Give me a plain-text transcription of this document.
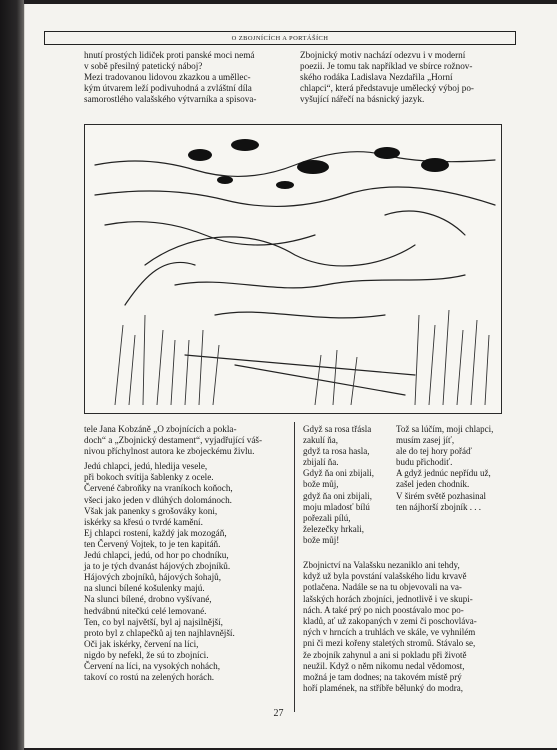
O ZBOJNÍCÍCH A PORTÁŠÍCH

hnutí prostých lidiček proti panské moci nemá

v sobě přesilný patetický náboj?

Mezi tradovanou lidovou zkazkou a uměllec-

kým útvarem leží podivuhodná a zvláštní díla

samorostlého valašského výtvarníka a spisova-

Zbojnický motiv nachází odezvu i v moderní

poezii. Je tomu tak například ve sbírce rožnov-

ského rodáka Ladislava Nezdařila „Horní

chlapci“, která představuje umělecký výboj po-

vyšující nářečí na básnický jazyk.

tele Jana Kobzáně „O zbojnících a pokla-

doch“ a „Zbojnický destament“, vyjadřující váš-

nivou příchylnost autora ke zbojeckému živlu.

Jedú chlapci, jedú, hledija vesele,

při bokoch svítija šablenky z ocele.

Červené čabroňky na vraníkoch koňoch,

všeci jako jeden v dlúhých dolománoch.

Však jak panenky s grošováky koni,

iskérky sa křesú o tvrdé kamění.

Ej chlapci rostení, každý jak mozogáň,

ten Červený Vojtek, to je ten kapitáň.

Jedú chlapci, jedú, od hor po chodníku,

ja to je tých dvanást hájových zbojníků.

Hájových zbojníků, hájových šohajů,

na slunci bílené košulenky majú.

Na slunci bílené, drobno vyšívané,

hedvábnú nitečkú celé lemované.

Ten, co byl najvětší, byl aj najsilnější,

proto byl z chlapečků aj ten najhlavnější.

Oči jak iskérky, červení na líci,

nigdo by nefekl, že sú to zbojníci.

Červení na líci, na vysokých nohách,

takoví co rostú na zelených horách.

Gdyž sa rosa třásla

zakulí ňa,

gdyž ta rosa hasla,

zbijalí ňa.

Gdyž ňa oni zbijali,

bože můj,

gdyž ňa oni zbijali,

moju mladosť bílú

pořezali pílú,

železečky hrkali,

bože můj!

Tož sa lúčím, moji chlapci,

musím zasej jíť,

ale do tej hory pořáď

budu přichodiť.

A gdyž jednúc nepřídu už,

zašel jeden chodník.

V širém světě pozhasinal

ten nájhorší zbojník . . .

Zbojnictví na Valašsku nezaniklo ani tehdy,

když už byla povstání valašského lidu krvavě

potlačena. Nadále se na tu objevovali na va-

lašských horách zbojníci, jednotlivě i ve skupi-

nách. A také prý po nich poostávalo moc po-

kladů, ať už zakopaných v zemi či poschovláva-

ných v hrncích a truhlách ve skále, ve vyhnilém

pni či mezi kořeny staletých stromů. Stávalo se,

že zbojník zahynul a ani si pokladu při životě

neužil. Když o něm nikomu nedal vědomost,

možná je tam dodnes; na takovém místě prý

hoří plamének, na stříbře bělunký do modra,

27
